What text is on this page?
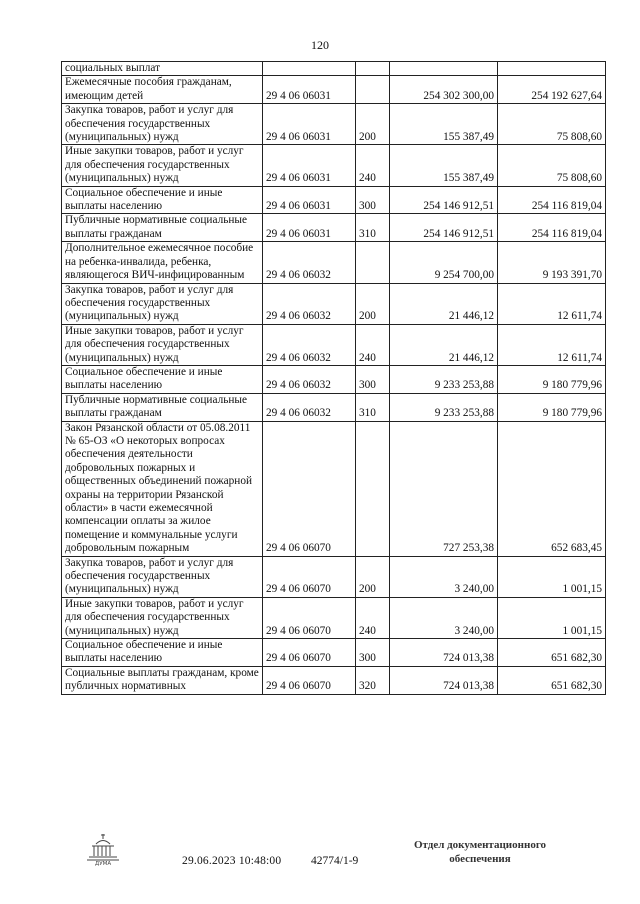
120
социальных выплат				
Ежемесячные пособия гражданам, имеющим детей	29 4 06 06031		254 302 300,00	254 192 627,64
Закупка товаров, работ и услуг для обеспечения государственных (муниципальных) нужд	29 4 06 06031	200	155 387,49	75 808,60
Иные закупки товаров, работ и услуг для обеспечения государственных (муниципальных) нужд	29 4 06 06031	240	155 387,49	75 808,60
Социальное обеспечение и иные выплаты населению	29 4 06 06031	300	254 146 912,51	254 116 819,04
Публичные нормативные социальные выплаты гражданам	29 4 06 06031	310	254 146 912,51	254 116 819,04
Дополнительное ежемесячное пособие на ребенка-инвалида, ребенка, являющегося ВИЧ-инфицированным	29 4 06 06032		9 254 700,00	9 193 391,70
Закупка товаров, работ и услуг для обеспечения государственных (муниципальных) нужд	29 4 06 06032	200	21 446,12	12 611,74
Иные закупки товаров, работ и услуг для обеспечения государственных (муниципальных) нужд	29 4 06 06032	240	21 446,12	12 611,74
Социальное обеспечение и иные выплаты населению	29 4 06 06032	300	9 233 253,88	9 180 779,96
Публичные нормативные социальные выплаты гражданам	29 4 06 06032	310	9 233 253,88	9 180 779,96
Закон Рязанской области от 05.08.2011 № 65-ОЗ «О некоторых вопросах обеспечения деятельности добровольных пожарных и общественных объединений пожарной охраны на территории Рязанской области» в части ежемесячной компенсации оплаты за жилое помещение и коммунальные услуги добровольным пожарным	29 4 06 06070		727 253,38	652 683,45
Закупка товаров, работ и услуг для обеспечения государственных (муниципальных) нужд	29 4 06 06070	200	3 240,00	1 001,15
Иные закупки товаров, работ и услуг для обеспечения государственных (муниципальных) нужд	29 4 06 06070	240	3 240,00	1 001,15
Социальное обеспечение и иные выплаты населению	29 4 06 06070	300	724 013,38	651 682,30
Социальные выплаты гражданам, кроме публичных нормативных	29 4 06 06070	320	724 013,38	651 682,30
ДУМА	29.06.2023 10:48:00	42774/1-9
Отдел документационного обеспечения
